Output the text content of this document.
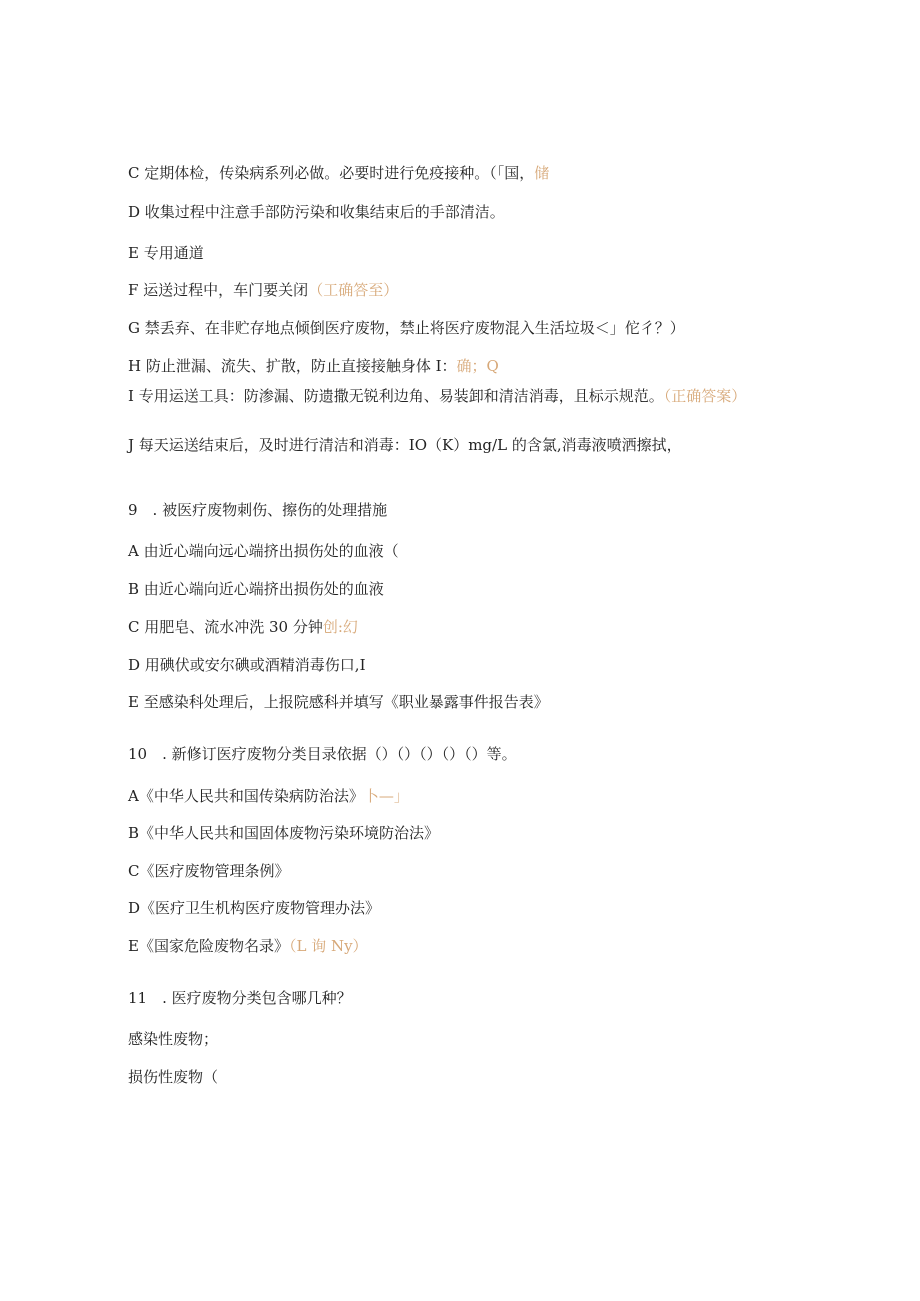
C 定期体检，传染病系列必做。必要时进行免疫接种。（「国，储
D 收集过程中注意手部防污染和收集结束后的手部清洁。
E 专用通道
F 运送过程中，车门要关闭（工确答至）
G 禁丢弃、在非贮存地点倾倒医疗废物，禁止将医疗废物混入生活垃圾＜」佗彳？）
H 防止泄漏、流失、扩散，防止直接接触身体 I：确；Q
I 专用运送工具：防渗漏、防遗撒无锐利边角、易装卸和清洁消毒，且标示规范。（正确答案）
J 每天运送结束后，及时进行清洁和消毒：IO（K）mg/L 的含氯,消毒液喷洒擦拭，
9　. 被医疗废物刺伤、擦伤的处理措施
A 由近心端向远心端挤出损伤处的血液（
B 由近心端向近心端挤出损伤处的血液
C 用肥皂、流水冲洗 30 分钟创:幻
D 用碘伏或安尔碘或酒精消毒伤口,I
E 至感染科处理后，上报院感科并填写《职业暴露事件报告表》
10　. 新修订医疗废物分类目录依据（）（）（）（）（）等。
A《中华人民共和国传染病防治法》卜—」
B《中华人民共和国固体废物污染环境防治法》
C《医疗废物管理条例》
D《医疗卫生机构医疗废物管理办法》
E《国家危险废物名录》（L 询 Ny）
11　. 医疗废物分类包含哪几种？
感染性废物；
损伤性废物（
